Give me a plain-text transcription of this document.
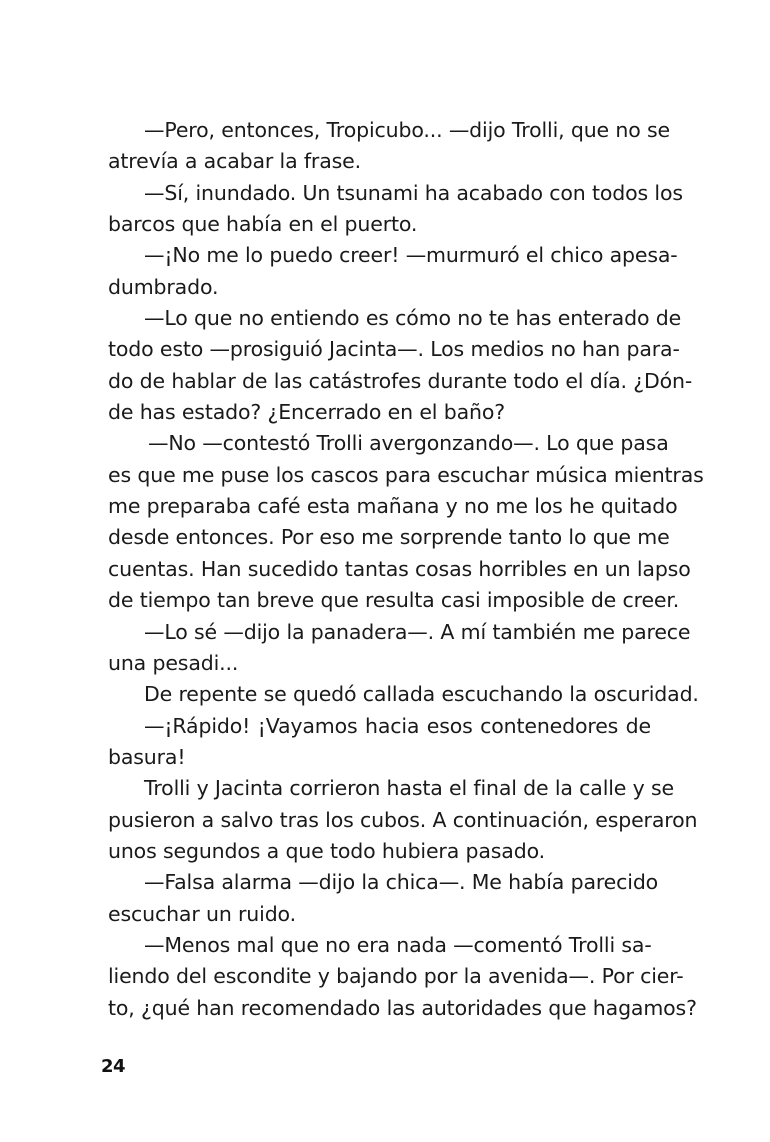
—Pero, entonces, Tropicubo... —dijo Trolli, que no se
atrevía a acabar la frase.
—Sí, inundado. Un tsunami ha acabado con todos los
barcos que había en el puerto.
—¡No me lo puedo creer! —murmuró el chico apesa-
dumbrado.
—Lo que no entiendo es cómo no te has enterado de
todo esto —prosiguió Jacinta—. Los medios no han para-
do de hablar de las catástrofes durante todo el día. ¿Dón-
de has estado? ¿Encerrado en el baño?
—No —contestó Trolli avergonzando—. Lo que pasa
es que me puse los cascos para escuchar música mientras
me preparaba café esta mañana y no me los he quitado
desde entonces. Por eso me sorprende tanto lo que me
cuentas. Han sucedido tantas cosas horribles en un lapso
de tiempo tan breve que resulta casi imposible de creer.
—Lo sé —dijo la panadera—. A mí también me parece
una pesadi...
De repente se quedó callada escuchando la oscuridad.
—¡Rápido! ¡Vayamos hacia esos contenedores de
basura!
Trolli y Jacinta corrieron hasta el final de la calle y se
pusieron a salvo tras los cubos. A continuación, esperaron
unos segundos a que todo hubiera pasado.
—Falsa alarma —dijo la chica—. Me había parecido
escuchar un ruido.
—Menos mal que no era nada —comentó Trolli sa-
liendo del escondite y bajando por la avenida—. Por cier-
to, ¿qué han recomendado las autoridades que hagamos?
24
